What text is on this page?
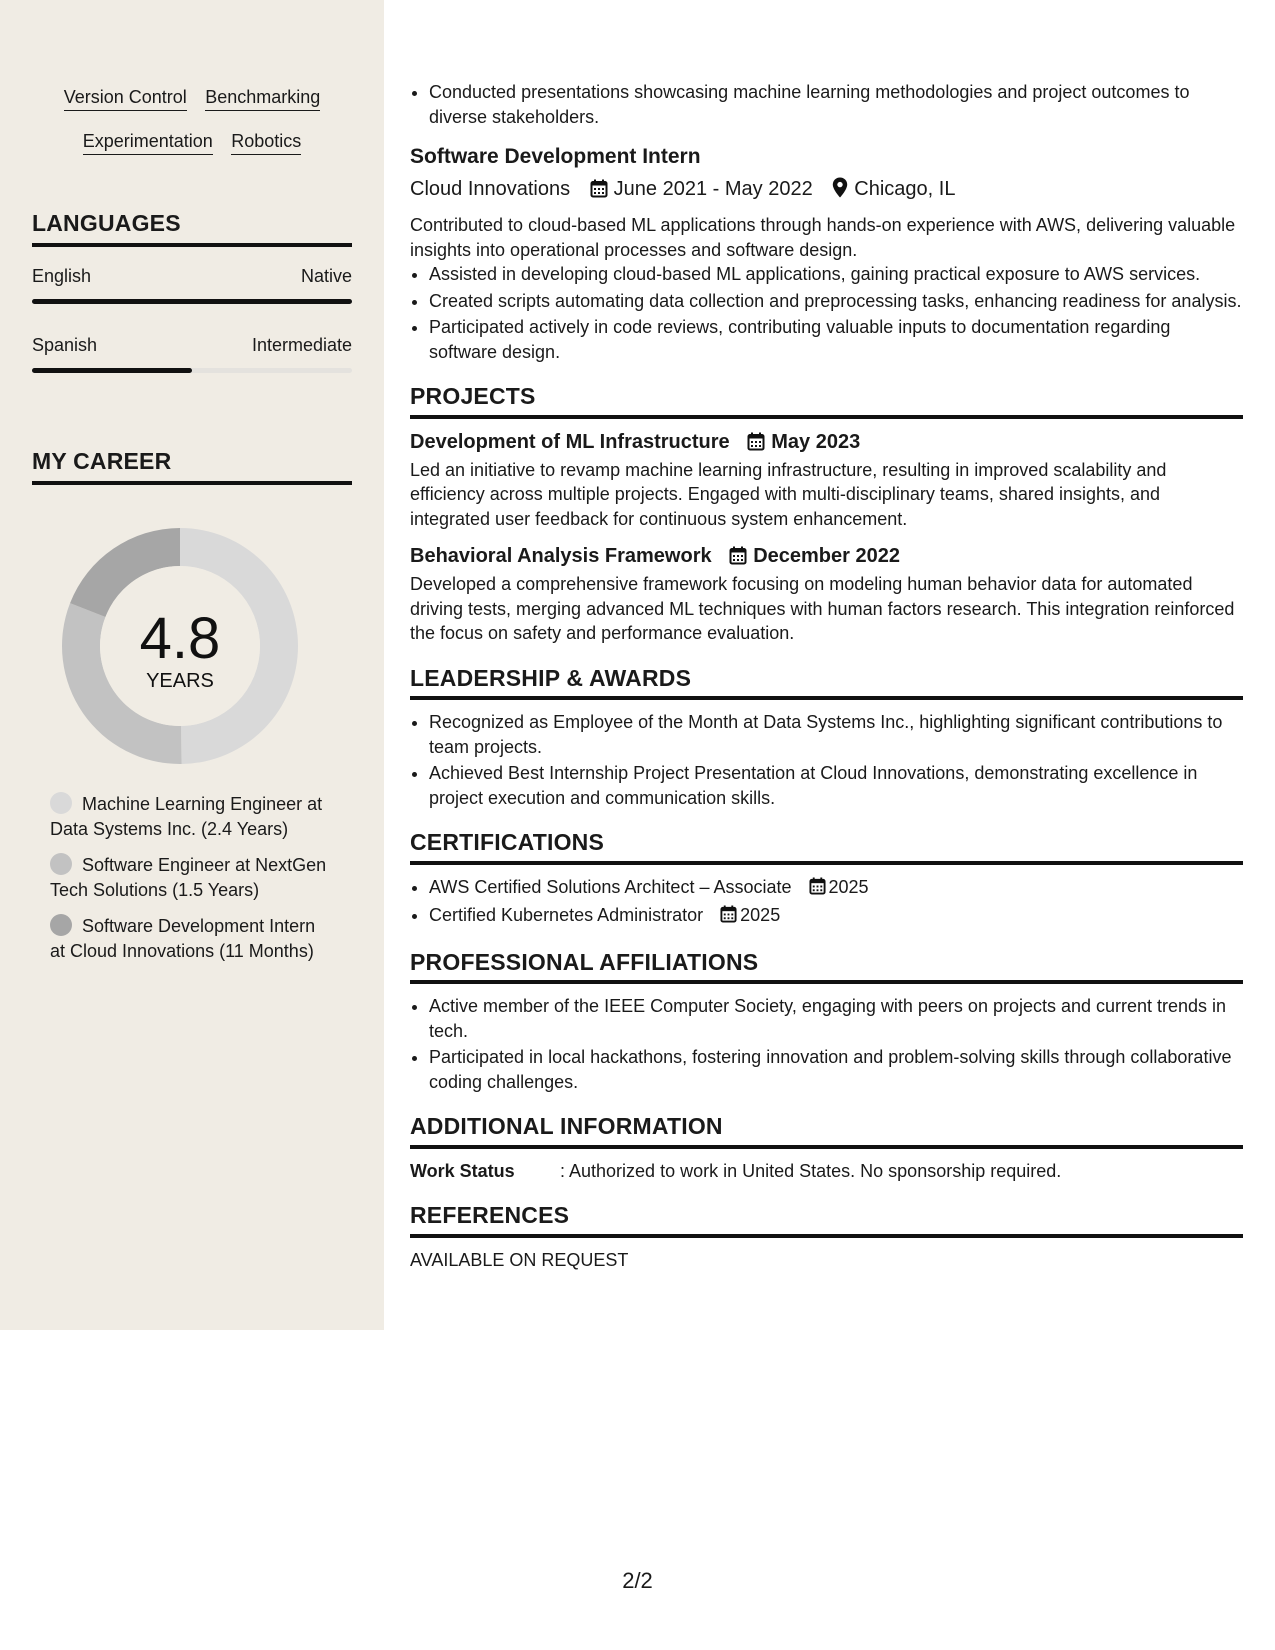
Version Control Benchmarking
Experimentation Robotics
LANGUAGES
English	Native
Spanish	Intermediate
MY CAREER
4.8
YEARS
Machine Learning Engineer at Data Systems Inc. (2.4 Years)
Software Engineer at NextGen Tech Solutions (1.5 Years)
Software Development Intern at Cloud Innovations (11 Months)
• Conducted presentations showcasing machine learning methodologies and project outcomes to diverse stakeholders.
Software Development Intern
Cloud Innovations June 2021 - May 2022 Chicago, IL
Contributed to cloud-based ML applications through hands-on experience with AWS, delivering valuable insights into operational processes and software design.
• Assisted in developing cloud-based ML applications, gaining practical exposure to AWS services.
• Created scripts automating data collection and preprocessing tasks, enhancing readiness for analysis.
• Participated actively in code reviews, contributing valuable inputs to documentation regarding software design.
PROJECTS
Development of ML Infrastructure May 2023
Led an initiative to revamp machine learning infrastructure, resulting in improved scalability and efficiency across multiple projects. Engaged with multi-disciplinary teams, shared insights, and integrated user feedback for continuous system enhancement.
Behavioral Analysis Framework December 2022
Developed a comprehensive framework focusing on modeling human behavior data for automated driving tests, merging advanced ML techniques with human factors research. This integration reinforced the focus on safety and performance evaluation.
LEADERSHIP & AWARDS
• Recognized as Employee of the Month at Data Systems Inc., highlighting significant contributions to team projects.
• Achieved Best Internship Project Presentation at Cloud Innovations, demonstrating excellence in project execution and communication skills.
CERTIFICATIONS
• AWS Certified Solutions Architect – Associate 2025
• Certified Kubernetes Administrator 2025
PROFESSIONAL AFFILIATIONS
• Active member of the IEEE Computer Society, engaging with peers on projects and current trends in tech.
• Participated in local hackathons, fostering innovation and problem-solving skills through collaborative coding challenges.
ADDITIONAL INFORMATION
Work Status	: Authorized to work in United States. No sponsorship required.
REFERENCES
AVAILABLE ON REQUEST
2/2
